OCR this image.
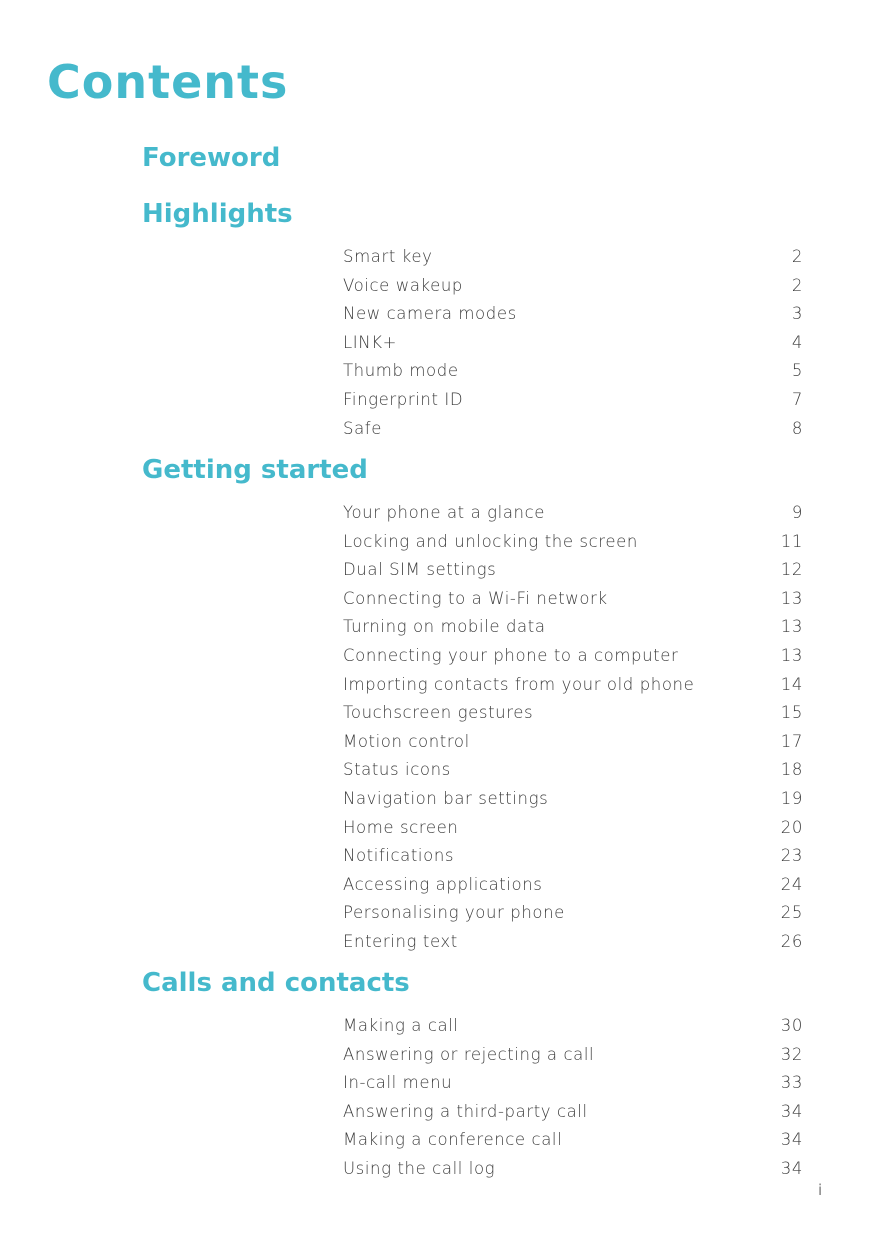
Contents
Foreword
Highlights
Smart key	2
Voice wakeup	2
New camera modes	3
LINK+	4
Thumb mode	5
Fingerprint ID	7
Safe	8
Getting started
Your phone at a glance	9
Locking and unlocking the screen	11
Dual SIM settings	12
Connecting to a Wi-Fi network	13
Turning on mobile data	13
Connecting your phone to a computer	13
Importing contacts from your old phone	14
Touchscreen gestures	15
Motion control	17
Status icons	18
Navigation bar settings	19
Home screen	20
Notifications	23
Accessing applications	24
Personalising your phone	25
Entering text	26
Calls and contacts
Making a call	30
Answering or rejecting a call	32
In-call menu	33
Answering a third-party call	34
Making a conference call	34
Using the call log	34
i
